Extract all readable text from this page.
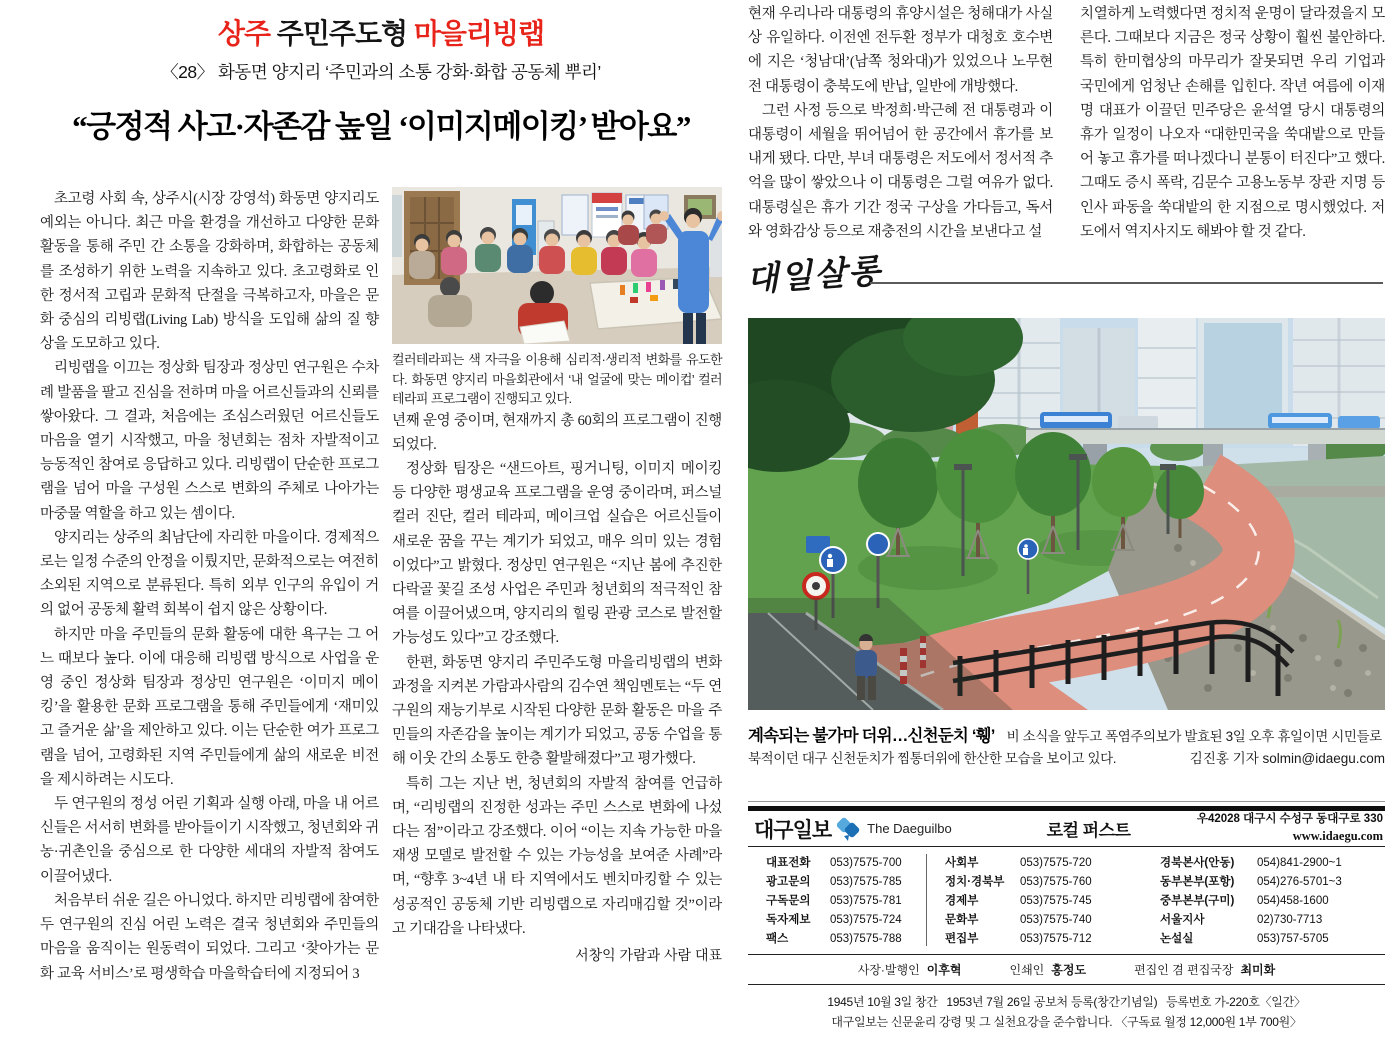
상주 주민주도형 마을리빙랩
〈28〉 화동면 양지리 ‘주민과의 소통 강화·화합 공동체 뿌리’
“긍정적 사고·자존감 높일 ‘이미지메이킹’ 받아요”

초고령 사회 속, 상주시(시장 강영석) 화동면 양지리도 예외는 아니다. 최근 마을 환경을 개선하고 다양한 문화 활동을 통해 주민 간 소통을 강화하며, 화합하는 공동체를 조성하기 위한 노력을 지속하고 있다. 초고령화로 인한 정서적 고립과 문화적 단절을 극복하고자, 마을은 문화 중심의 리빙랩(Living Lab) 방식을 도입해 삶의 질 향상을 도모하고 있다.

리빙랩을 이끄는 정상화 팀장과 정상민 연구원은 수차례 발품을 팔고 진심을 전하며 마을 어르신들과의 신뢰를 쌓아왔다. 그 결과, 처음에는 조심스러웠던 어르신들도 마음을 열기 시작했고, 마을 청년회는 점차 자발적이고 능동적인 참여로 응답하고 있다. 리빙랩이 단순한 프로그램을 넘어 마을 구성원 스스로 변화의 주체로 나아가는 마중물 역할을 하고 있는 셈이다.

양지리는 상주의 최남단에 자리한 마을이다. 경제적으로는 일정 수준의 안정을 이뤘지만, 문화적으로는 여전히 소외된 지역으로 분류된다. 특히 외부 인구의 유입이 거의 없어 공동체 활력 회복이 쉽지 않은 상황이다.

하지만 마을 주민들의 문화 활동에 대한 욕구는 그 어느 때보다 높다. 이에 대응해 리빙랩 방식으로 사업을 운영 중인 정상화 팀장과 정상민 연구원은 ‘이미지 메이킹’을 활용한 문화 프로그램을 통해 주민들에게 ‘재미있고 즐거운 삶’을 제안하고 있다. 이는 단순한 여가 프로그램을 넘어, 고령화된 지역 주민들에게 삶의 새로운 비전을 제시하려는 시도다.

두 연구원의 정성 어린 기획과 실행 아래, 마을 내 어르신들은 서서히 변화를 받아들이기 시작했고, 청년회와 귀농·귀촌인을 중심으로 한 다양한 세대의 자발적 참여도 이끌어냈다.

처음부터 쉬운 길은 아니었다. 하지만 리빙랩에 참여한 두 연구원의 진심 어린 노력은 결국 청년회와 주민들의 마음을 움직이는 원동력이 되었다. 그리고 ‘찾아가는 문화 교육 서비스’로 평생학습 마을학습터에 지정되어 3

컬러테라피는 색 자극을 이용해 심리적·생리적 변화를 유도한다. 화동면 양지리 마을회관에서 ‘내 얼굴에 맞는 메이컵’ 컬러테라피 프로그램이 진행되고 있다.

년째 운영 중이며, 현재까지 총 60회의 프로그램이 진행되었다.

정상화 팀장은 “샌드아트, 핑거니팅, 이미지 메이킹 등 다양한 평생교육 프로그램을 운영 중이라며, 퍼스널 컬러 진단, 컬러 테라피, 메이크업 실습은 어르신들이 새로운 꿈을 꾸는 계기가 되었고, 매우 의미 있는 경험이었다”고 밝혔다. 정상민 연구원은 “지난 봄에 추진한 다락골 꽃길 조성 사업은 주민과 청년회의 적극적인 참여를 이끌어냈으며, 양지리의 힐링 관광 코스로 발전할 가능성도 있다”고 강조했다.

한편, 화동면 양지리 주민주도형 마을리빙랩의 변화 과정을 지켜본 가람과사람의 김수연 책임멘토는 “두 연구원의 재능기부로 시작된 다양한 문화 활동은 마을 주민들의 자존감을 높이는 계기가 되었고, 공동 수업을 통해 이웃 간의 소통도 한층 활발해졌다”고 평가했다.

특히 그는 지난 번, 청년회의 자발적 참여를 언급하며, “리빙랩의 진정한 성과는 주민 스스로 변화에 나섰다는 점”이라고 강조했다. 이어 “이는 지속 가능한 마을 재생 모델로 발전할 수 있는 가능성을 보여준 사례”라며, “향후 3~4년 내 타 지역에서도 벤치마킹할 수 있는 성공적인 공동체 기반 리빙랩으로 자리매김할 것”이라고 기대감을 나타냈다.

서창익 가람과 사람 대표

현재 우리나라 대통령의 휴양시설은 청해대가 사실상 유일하다. 이전엔 전두환 정부가 대청호 호수변에 지은 ‘청남대’(남쪽 청와대)가 있었으나 노무현 전 대통령이 충북도에 반납, 일반에 개방했다.

그런 사정 등으로 박정희·박근혜 전 대통령과 이 대통령이 세월을 뛰어넘어 한 공간에서 휴가를 보내게 됐다. 다만, 부녀 대통령은 저도에서 정서적 추억을 많이 쌓았으나 이 대통령은 그럴 여유가 없다. 대통령실은 휴가 기간 정국 구상을 가다듬고, 독서와 영화감상 등으로 재충전의 시간을 보낸다고 설

치열하게 노력했다면 정치적 운명이 달라졌을지 모른다. 그때보다 지금은 정국 상황이 훨씬 불안하다. 특히 한미협상의 마무리가 잘못되면 우리 기업과 국민에게 엄청난 손해를 입힌다. 작년 여름에 이재명 대표가 이끌던 민주당은 윤석열 당시 대통령의 휴가 일정이 나오자 “대한민국을 쑥대밭으로 만들어 놓고 휴가를 떠나겠다니 분통이 터진다”고 했다. 그때도 증시 폭락, 김문수 고용노동부 장관 지명 등 인사 파동을 쑥대밭의 한 지점으로 명시했었다. 저도에서 역지사지도 해봐야 할 것 같다.

대일살롱
계속되는 불가마 더위…신천둔치 ‘휑’ 비 소식을 앞두고 폭염주의보가 발효된 3일 오후 휴일이면 시민들로 북적이던 대구 신천둔치가 찜통더위에 한산한 모습을 보이고 있다.	김진홍 기자 solmin@idaegu.com
대구일보	The Daeguilbo	로컬 퍼스트
우42028 대구시 수성구 동대구로 330
www.idaegu.com
대표전화 053)7575-700
광고문의 053)7575-785
구독문의 053)7575-781
독자제보 053)7575-724
팩스	053)7575-788
사회부	053)7575-720
정치·경북부 053)7575-760
경제부	053)7575-745
문화부	053)7575-740
편집부	053)7575-712
경북본사(안동) 054)841-2900~1
동부본부(포항) 054)276-5701~3
중부본부(구미) 054)458-1600
서울지사	02)730-7713
논설실	053)757-5705
사장·발행인 이후혁	인쇄인 홍정도	편집인 겸 편집국장 최미화
1945년 10월 3일 창간  1953년 7월 26일 공보처 등록(창간기념일)  등록번호 가-220호〈일간〉
대구일보는 신문윤리 강령 및 그 실천요강을 준수합니다. 〈구독료 월정 12,000원 1부 700원〉
